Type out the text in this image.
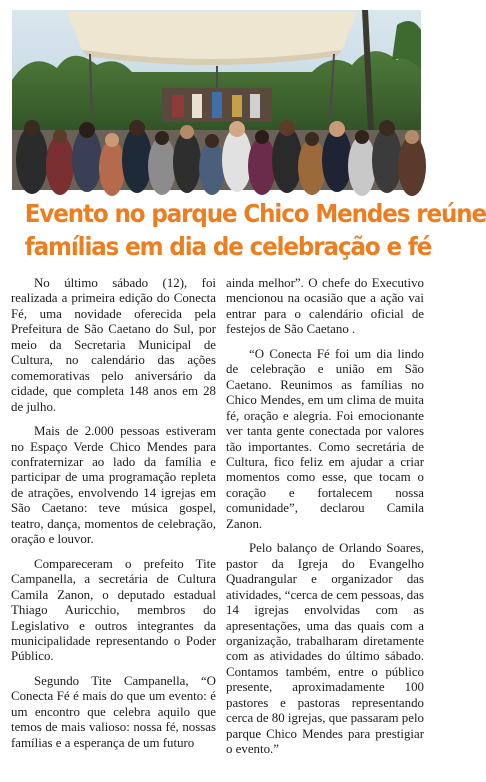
Evento no parque Chico Mendes reúne
famílias em dia de celebração e fé

No último sábado (12), foi realizada a primeira edição do Conecta Fé, uma novidade oferecida pela Prefeitura de São Caetano do Sul, por meio da Secretaria Municipal de Cultura, no calendário das ações comemorativas pelo aniversário da cidade, que completa 148 anos em 28 de julho.

Mais de 2.000 pessoas estiveram no Espaço Verde Chico Mendes para confraternizar ao lado da família e participar de uma programação repleta de atrações, envolvendo 14 igrejas em São Caetano: teve música gospel, teatro, dança, momentos de celebração, oração e louvor.

Compareceram o prefeito Tite Campanella, a secretária de Cultura Camila Zanon, o deputado estadual Thiago Auricchio, membros do Legislativo e outros integrantes da municipalidade representando o Poder Público.

Segundo Tite Campanella, “O Conecta Fé é mais do que um evento: é um encontro que celebra aquilo que temos de mais valioso: nossa fé, nossas famílias e a esperança de um futuro

ainda melhor”. O chefe do Executivo mencionou na ocasião que a ação vai entrar para o calendário oficial de festejos de São Caetano .

“O Conecta Fé foi um dia lindo de celebração e união em São Caetano. Reunimos as famílias no Chico Mendes, em um clima de muita fé, oração e alegria. Foi emocionante ver tanta gente conectada por valores tão importantes. Como secretária de Cultura, fico feliz em ajudar a criar momentos como esse, que tocam o coração e fortalecem nossa comunidade”, declarou Camila Zanon.

Pelo balanço de Orlando Soares, pastor da Igreja do Evangelho Quadrangular e organizador das atividades, “cerca de cem pessoas, das 14 igrejas envolvidas com as apresentações, uma das quais com a organização, trabalharam diretamente com as atividades do último sábado. Contamos também, entre o público presente, aproximadamente 100 pastores e pastoras representando cerca de 80 igrejas, que passaram pelo parque Chico Mendes para prestigiar o evento.”
